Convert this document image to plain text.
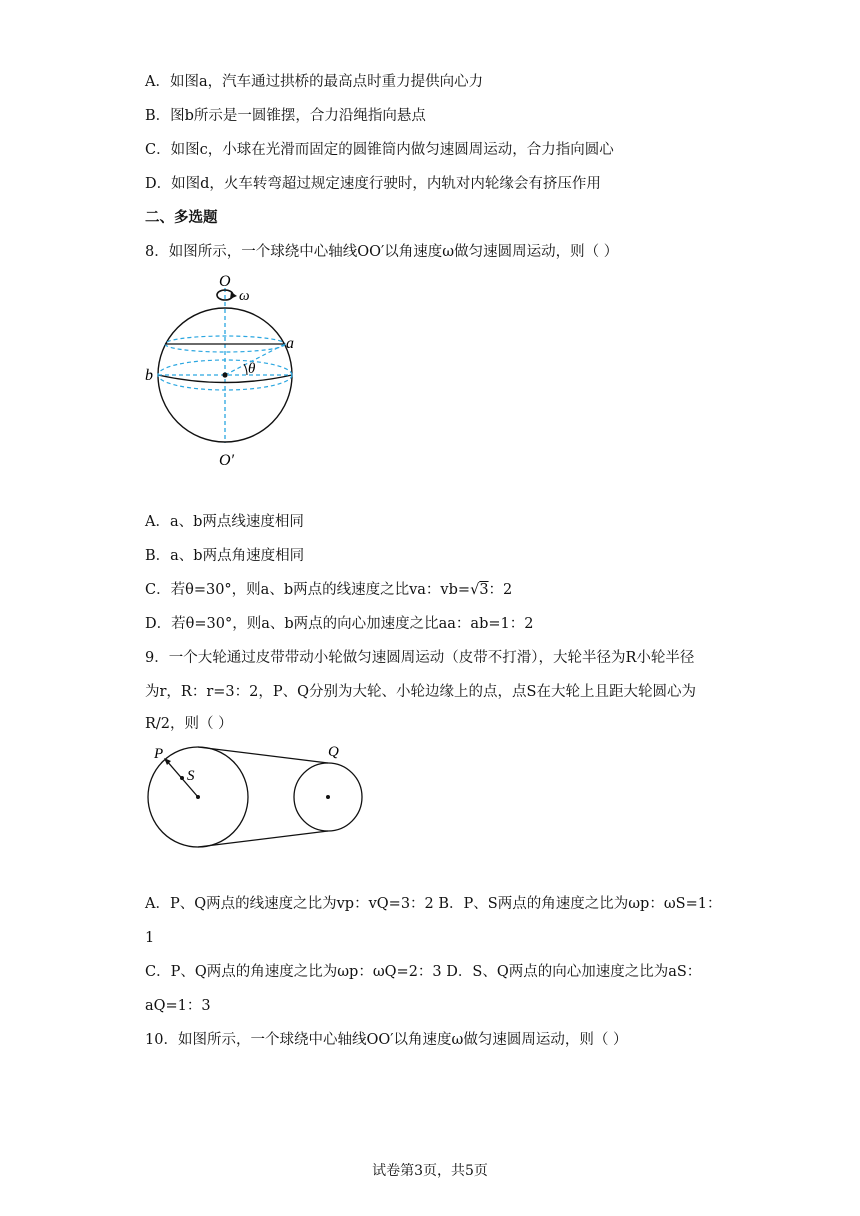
A．如图a，汽车通过拱桥的最高点时重力提供向心力
B．图b所示是一圆锥摆，合力沿绳指向悬点
C．如图c，小球在光滑而固定的圆锥筒内做匀速圆周运动，合力指向圆心
D．如图d，火车转弯超过规定速度行驶时，内轨对内轮缘会有挤压作用
二、多选题
8．如图所示，一个球绕中心轴线OO′以角速度ω做匀速圆周运动，则（ ）
O
ω
a
b	θ
O′
A．a、b两点线速度相同
B．a、b两点角速度相同
C．若θ=30°，则a、b两点的线速度之比va：vb=√3：2
D．若θ=30°，则a、b两点的向心加速度之比aa：ab=1：2
9．一个大轮通过皮带带动小轮做匀速圆周运动（皮带不打滑），大轮半径为R小轮半径
为r，R：r=3：2，P、Q分别为大轮、小轮边缘上的点，点S在大轮上且距大轮圆心为
R/2，则（ ）
P
S
Q
A．P、Q两点的线速度之比为vp：vQ=3：2 B．P、S两点的角速度之比为ωp：ωS=1：
1
C．P、Q两点的角速度之比为ωp：ωQ=2：3 D．S、Q两点的向心加速度之比为aS：
aQ=1：3
10．如图所示，一个球绕中心轴线OO′以角速度ω做匀速圆周运动，则（ ）
试卷第3页，共5页
